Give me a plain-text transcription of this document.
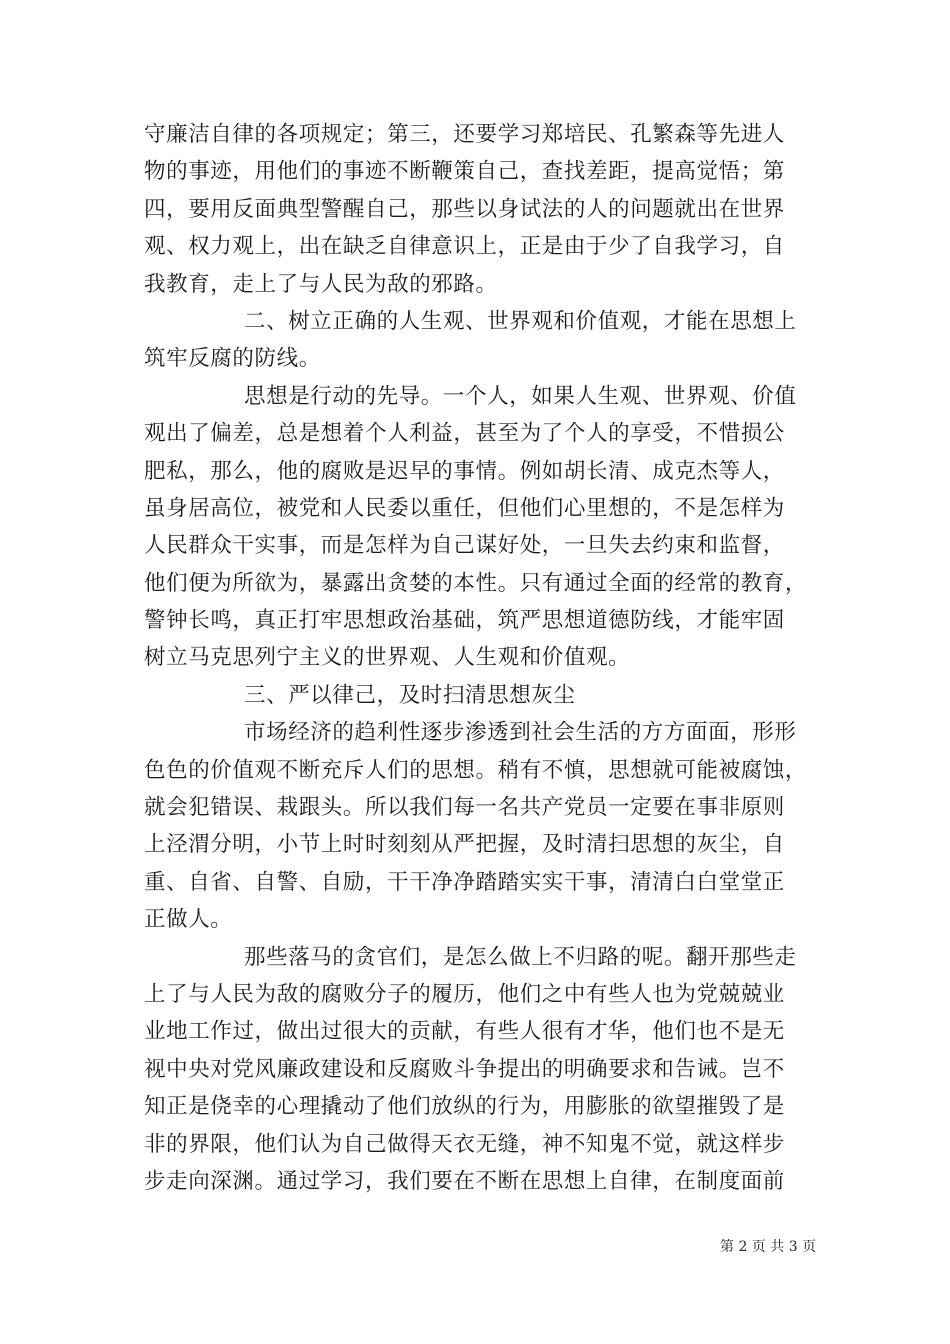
守廉洁自律的各项规定；第三，还要学习郑培民、孔繁森等先进人
物的事迹，用他们的事迹不断鞭策自己，查找差距，提高觉悟；第
四，要用反面典型警醒自己，那些以身试法的人的问题就出在世界
观、权力观上，出在缺乏自律意识上，正是由于少了自我学习，自
我教育，走上了与人民为敌的邪路。
二、树立正确的人生观、世界观和价值观，才能在思想上
筑牢反腐的防线。
思想是行动的先导。一个人，如果人生观、世界观、价值
观出了偏差，总是想着个人利益，甚至为了个人的享受，不惜损公
肥私，那么，他的腐败是迟早的事情。例如胡长清、成克杰等人，
虽身居高位，被党和人民委以重任，但他们心里想的，不是怎样为
人民群众干实事，而是怎样为自己谋好处，一旦失去约束和监督，
他们便为所欲为，暴露出贪婪的本性。只有通过全面的经常的教育，
警钟长鸣，真正打牢思想政治基础，筑严思想道德防线，才能牢固
树立马克思列宁主义的世界观、人生观和价值观。
三、严以律己，及时扫清思想灰尘
市场经济的趋利性逐步渗透到社会生活的方方面面，形形
色色的价值观不断充斥人们的思想。稍有不慎，思想就可能被腐蚀，
就会犯错误、栽跟头。所以我们每一名共产党员一定要在事非原则
上泾渭分明，小节上时时刻刻从严把握，及时清扫思想的灰尘，自
重、自省、自警、自励，干干净净踏踏实实干事，清清白白堂堂正
正做人。
那些落马的贪官们，是怎么做上不归路的呢。翻开那些走
上了与人民为敌的腐败分子的履历，他们之中有些人也为党兢兢业
业地工作过，做出过很大的贡献，有些人很有才华，他们也不是无
视中央对党风廉政建设和反腐败斗争提出的明确要求和告诫。岂不
知正是侥幸的心理撬动了他们放纵的行为，用膨胀的欲望摧毁了是
非的界限，他们认为自己做得天衣无缝，神不知鬼不觉，就这样步
步走向深渊。通过学习，我们要在不断在思想上自律，在制度面前
第 2 页 共 3 页
